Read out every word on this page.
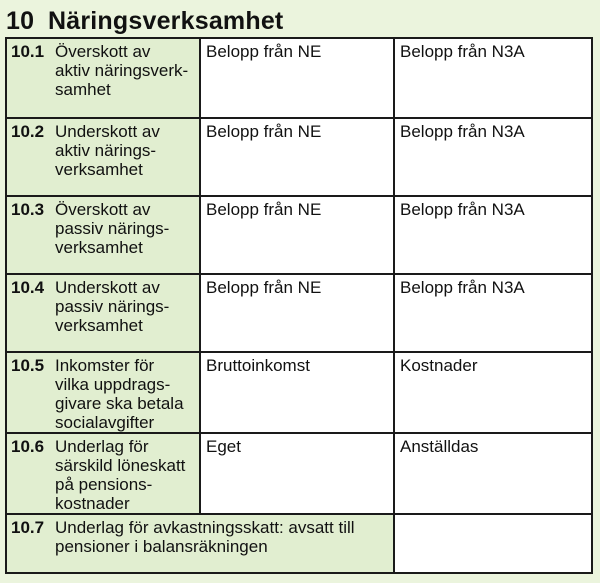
10 Näringsverksamhet
10.1 Överskott av
aktiv näringsverk-
samhet	Belopp från NE	Belopp från N3A

10.2 Underskott av
aktiv närings-
verksamhet	Belopp från NE	Belopp från N3A

10.3 Överskott av
passiv närings-
verksamhet	Belopp från NE	Belopp från N3A

10.4 Underskott av
passiv närings-
verksamhet	Belopp från NE	Belopp från N3A

10.5 Inkomster för
vilka uppdrags-
givare ska betala
socialavgifter	Bruttoinkomst	Kostnader

10.6 Underlag för
särskild löneskatt
på pensions-
kostnader	Eget	Anställdas

10.7 Underlag för avkastningsskatt: avsatt till
pensioner i balansräkningen		
